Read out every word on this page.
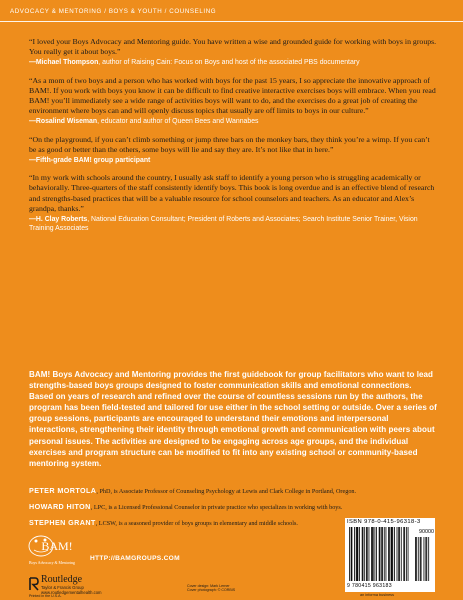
ADVOCACY & MENTORING / BOYS & YOUTH / COUNSELING

“I loved your Boys Advocacy and Mentoring guide. You have written a wise and grounded guide for working with boys in groups. You really get it about boys.”

—Michael Thompson, author of Raising Cain: Focus on Boys and host of the associated PBS documentary

“As a mom of two boys and a person who has worked with boys for the past 15 years, I so appreciate the innovative approach of BAM!. If you work with boys you know it can be difficult to find creative interactive exercises boys will embrace. When you read BAM! you’ll immediately see a wide range of activities boys will want to do, and the exercises do a great job of creating the environment where boys can and will openly discuss topics that usually are off limits to boys in our culture.”

—Rosalind Wiseman, educator and author of Queen Bees and Wannabes

“On the playground, if you can’t climb something or jump three bars on the monkey bars, they think you’re a wimp. If you can’t be as good or better than the others, some boys will lie and say they are. It’s not like that in here.”

—Fifth-grade BAM! group participant

“In my work with schools around the country, I usually ask staff to identify a young person who is struggling academically or behaviorally. Three-quarters of the staff consistently identify boys. This book is long overdue and is an effective blend of research and strengths-based practices that will be a valuable resource for school counselors and teachers. As an educator and Alex’s grandpa, thanks.”

—H. Clay Roberts, National Education Consultant; President of Roberts and Associates; Search Institute Senior Trainer, Vision Training Associates

BAM! Boys Advocacy and Mentoring provides the first guidebook for group facilitators who want to lead strengths-based boys groups designed to foster communication skills and emotional connections. Based on years of research and refined over the course of countless sessions run by the authors, the program has been field-tested and tailored for use either in the school setting or outside. Over a series of group sessions, participants are encouraged to understand their emotions and interpersonal interactions, strengthening their identity through emotional growth and communication with peers about personal issues. The activities are designed to be engaging across age groups, and the individual exercises and program structure can be modified to fit into any existing school or community-based mentoring system.

PETER MORTOLA, PhD, is Associate Professor of Counseling Psychology at Lewis and Clark College in Portland, Oregon.

HOWARD HITON, LPC, is a Licensed Professional Counselor in private practice who specializes in working with boys.

STEPHEN GRANT, LCSW, is a seasoned provider of boys groups in elementary and middle schools.

BAM!
Boys Advocacy & Mentoring
HTTP://BAMGROUPS.COM
Routledge
Taylor & Francis Group
www.routledgementalhealth.com
Printed in the U.S.A.
Cover design: Mark Lerner
Cover photograph: © CORBIS
ISBN 978-0-415-96318-3
90000
9 780415 963183
an informa business
